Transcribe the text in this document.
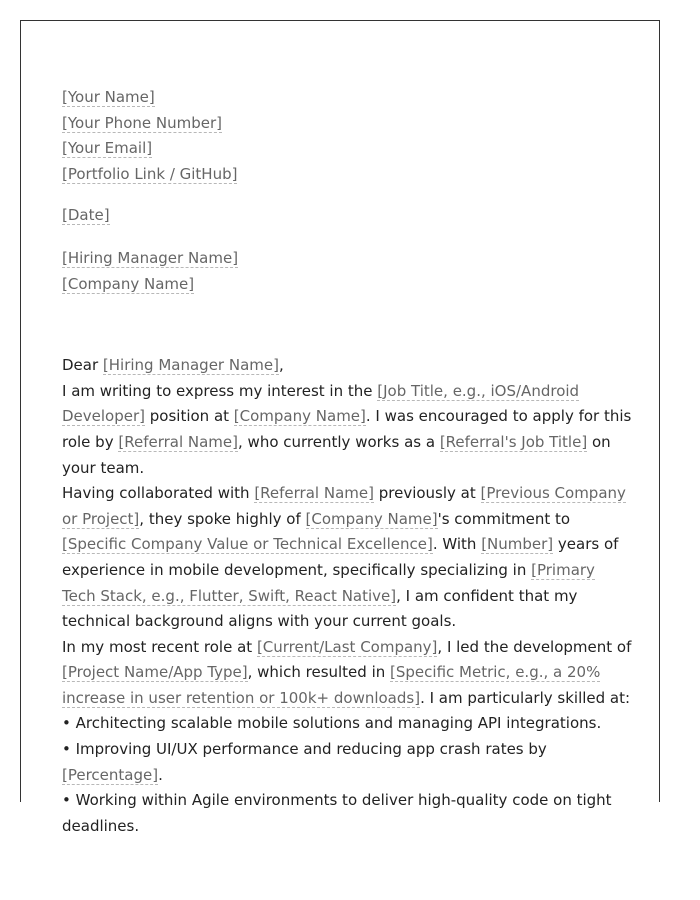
[Your Name]
[Your Phone Number]
[Your Email]
[Portfolio Link / GitHub]
[Date]
[Hiring Manager Name]
[Company Name]

Dear [Hiring Manager Name],

I am writing to express my interest in the [Job Title, e.g., iOS/Android Developer] position at [Company Name]. I was encouraged to apply for this role by [Referral Name], who currently works as a [Referral's Job Title] on your team.

Having collaborated with [Referral Name] previously at [Previous Company or Project], they spoke highly of [Company Name]'s commitment to [Specific Company Value or Technical Excellence]. With [Number] years of experience in mobile development, specifically specializing in [Primary Tech Stack, e.g., Flutter, Swift, React Native], I am confident that my technical background aligns with your current goals.

In my most recent role at [Current/Last Company], I led the development of [Project Name/App Type], which resulted in [Specific Metric, e.g., a 20% increase in user retention or 100k+ downloads]. I am particularly skilled at:

• Architecting scalable mobile solutions and managing API integrations.

• Improving UI/UX performance and reducing app crash rates by [Percentage].

• Working within Agile environments to deliver high-quality code on tight deadlines.
